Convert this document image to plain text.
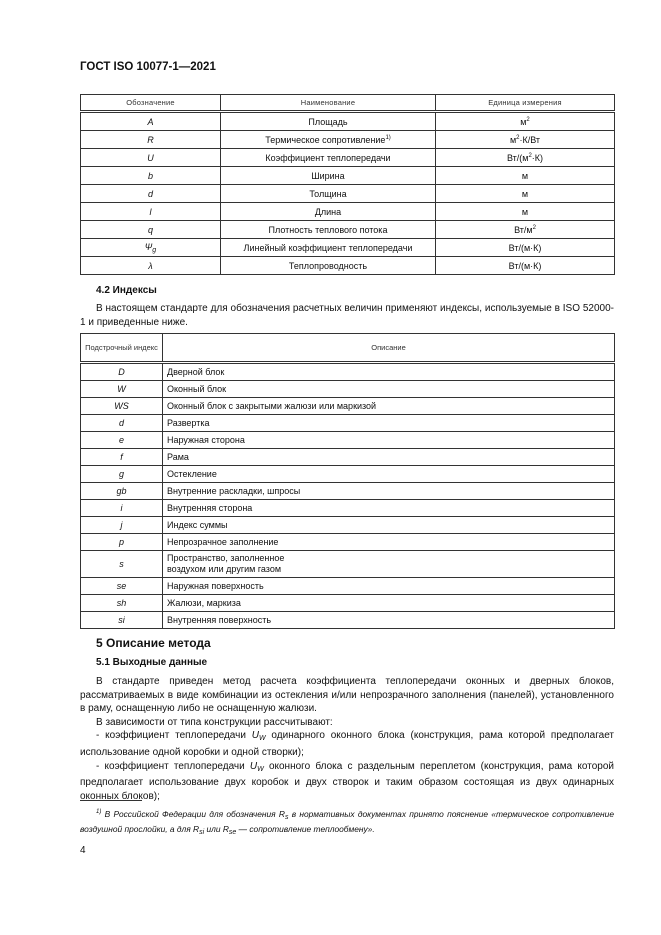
ГОСТ ISO 10077-1—2021
Обозначение	Наименование	Единица измерения
A	Площадь	$м^2$
R	Термическое сопротивление$^{1)}$	$м^2\cdot К/Вт$
U	Коэффициент теплопередачи	$Вт/(м^2\cdot К)$
b	Ширина	м
d	Толщина	м
l	Длина	м
q	Плотность теплового потока	$Вт/м^2$
$\Psi_g$	Линейный коэффициент теплопередачи	Вт/(м·К)
λ	Теплопроводность	Вт/(м·К)
4.2 Индексы

В настоящем стандарте для обозначения расчетных величин применяют индексы, используемые в ISO 52000-1 и приведенные ниже.

Подстрочный индекс	Описание
D	Дверной блок
W	Оконный блок
WS	Оконный блок с закрытыми жалюзи или маркизой
d	Развертка
e	Наружная сторона
f	Рама
g	Остекление
gb	Внутренние раскладки, шпросы
i	Внутренняя сторона
j	Индекс суммы
p	Непрозрачное заполнение
s	Пространство, заполненное
воздухом или другим газом
se	Наружная поверхность
sh	Жалюзи, маркиза
si	Внутренняя поверхность
5 Описание метода
5.1 Выходные данные

В стандарте приведен метод расчета коэффициента теплопередачи оконных и дверных блоков, рассматриваемых в виде комбинации из остекления и/или непрозрачного заполнения (панелей), установленного в раму, оснащенную либо не оснащенную жалюзи.

В зависимости от типа конструкции рассчитывают:

- коэффициент теплопередачи $U_W$ одинарного оконного блока (конструкция, рама которой предполагает использование одной коробки и одной створки);

- коэффициент теплопередачи $U_W$ оконного блока с раздельным переплетом (конструкция, рама которой предполагает использование двух коробок и двух створок и таким образом состоящая из двух одинарных оконных блоков);

$^{1)}$ В Российской Федерации для обозначения $R_s$ в нормативных документах принято пояснение «термическое сопротивление воздушной прослойки, а для $R_{si}$ или $R_{se}$ — сопротивление теплообмену».
4
